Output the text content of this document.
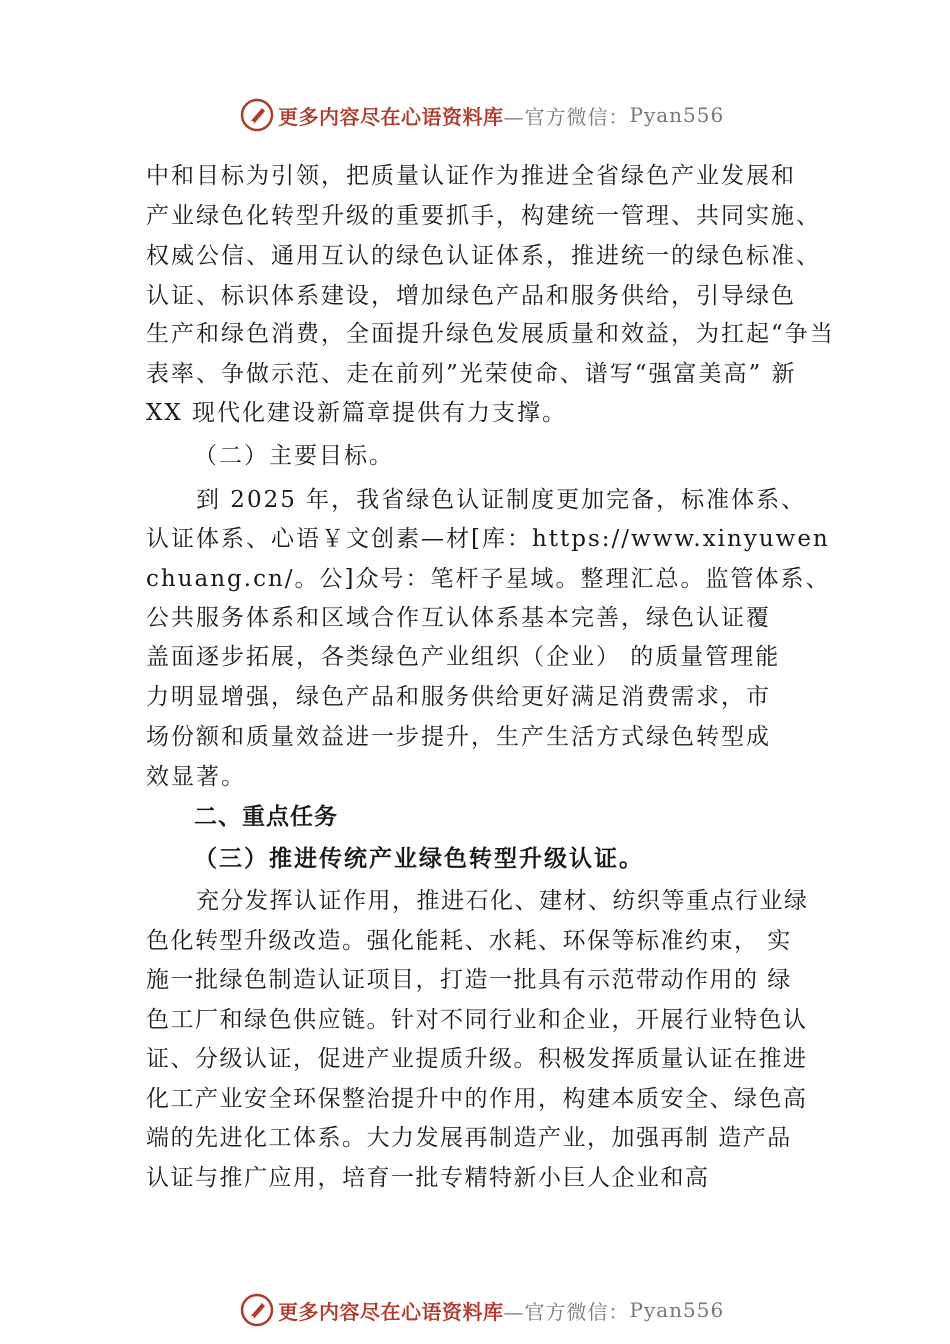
更多内容尽在心语资料库 —官方微信： Pyan556
中和目标为引领，把质量认证作为推进全省绿色产业发展和
产业绿色化转型升级的重要抓手，构建统一管理、共同实施、
权威公信、通用互认的绿色认证体系，推进统一的绿色标准、
认证、标识体系建设，增加绿色产品和服务供给，引导绿色
生产和绿色消费，全面提升绿色发展质量和效益，为扛起“争当
表率、争做示范、走在前列”光荣使命、谱写“强富美高” 新
XX 现代化建设新篇章提供有力支撑。
（二）主要目标。
到 2025 年，我省绿色认证制度更加完备，标准体系、
认证体系、心语￥文创素—材[库：https://www.xinyuwen
chuang.cn/。公]众号：笔杆子星域。整理汇总。监管体系、
公共服务体系和区域合作互认体系基本完善，绿色认证覆
盖面逐步拓展，各类绿色产业组织（企业） 的质量管理能
力明显增强，绿色产品和服务供给更好满足消费需求，市
场份额和质量效益进一步提升，生产生活方式绿色转型成
效显著。
二、重点任务
（三）推进传统产业绿色转型升级认证。
充分发挥认证作用，推进石化、建材、纺织等重点行业绿
色化转型升级改造。强化能耗、水耗、环保等标准约束， 实
施一批绿色制造认证项目，打造一批具有示范带动作用的 绿
色工厂和绿色供应链。针对不同行业和企业，开展行业特色认
证、分级认证，促进产业提质升级。积极发挥质量认证在推进
化工产业安全环保整治提升中的作用，构建本质安全、绿色高
端的先进化工体系。大力发展再制造产业，加强再制 造产品
认证与推广应用，培育一批专精特新小巨人企业和高
更多内容尽在心语资料库 —官方微信： Pyan556
